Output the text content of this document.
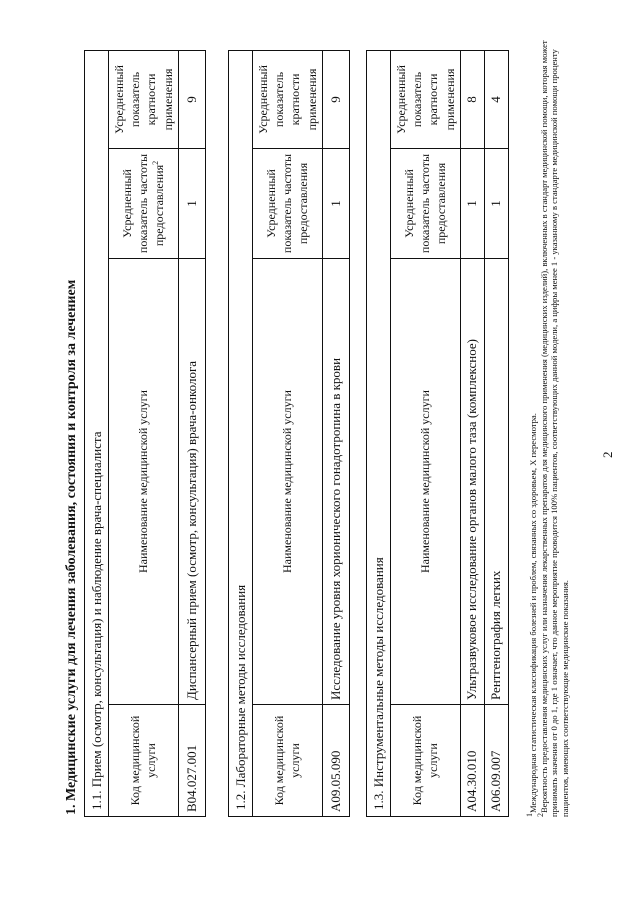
2
1. Медицинские услуги для лечения заболевания, состояния и контроля за лечением 1.1. Прием (осмотр, консультация) и наблюдение врача-специалиста			
Код медицинской услуги	Наименование медицинской услуги	Усредненный показатель частоты предоставления$^2$	Усредненный показатель кратности применения
B04.027.001	Диспансерный прием (осмотр, консультация) врача-онколога	1	9
1.2. Лабораторные методы исследования			
Код медицинской услуги	Наименование медицинской услуги	Усредненный показатель частоты предоставления	Усредненный показатель кратности применения
A09.05.090	Исследование уровня хорионического гонадотропина в крови	1	9
1.3. Инструментальные методы исследования			
Код медицинской услуги	Наименование медицинской услуги	Усредненный показатель частоты предоставления	Усредненный показатель кратности применения
A04.30.010	Ультразвуковое исследование органов малого таза (комплексное)	1	8
A06.09.007	Рентгенография легких	1	4

$^1$Международная статистическая классификация болезней и проблем, связанных со здоровьем, X пересмотра.

$^2$Вероятность предоставления медицинских услуг или назначения лекарственных препаратов для медицинского применения (медицинских изделий), включенных в стандарт медицинской помощи, которая может принимать значения от 0 до 1, где 1 означает, что данное мероприятие проводится 100% пациентов, соответствующих данной модели, а цифры менее 1 - указанному в стандарте медицинской помощи проценту пациентов, имеющих соответствующие медицинские показания.
